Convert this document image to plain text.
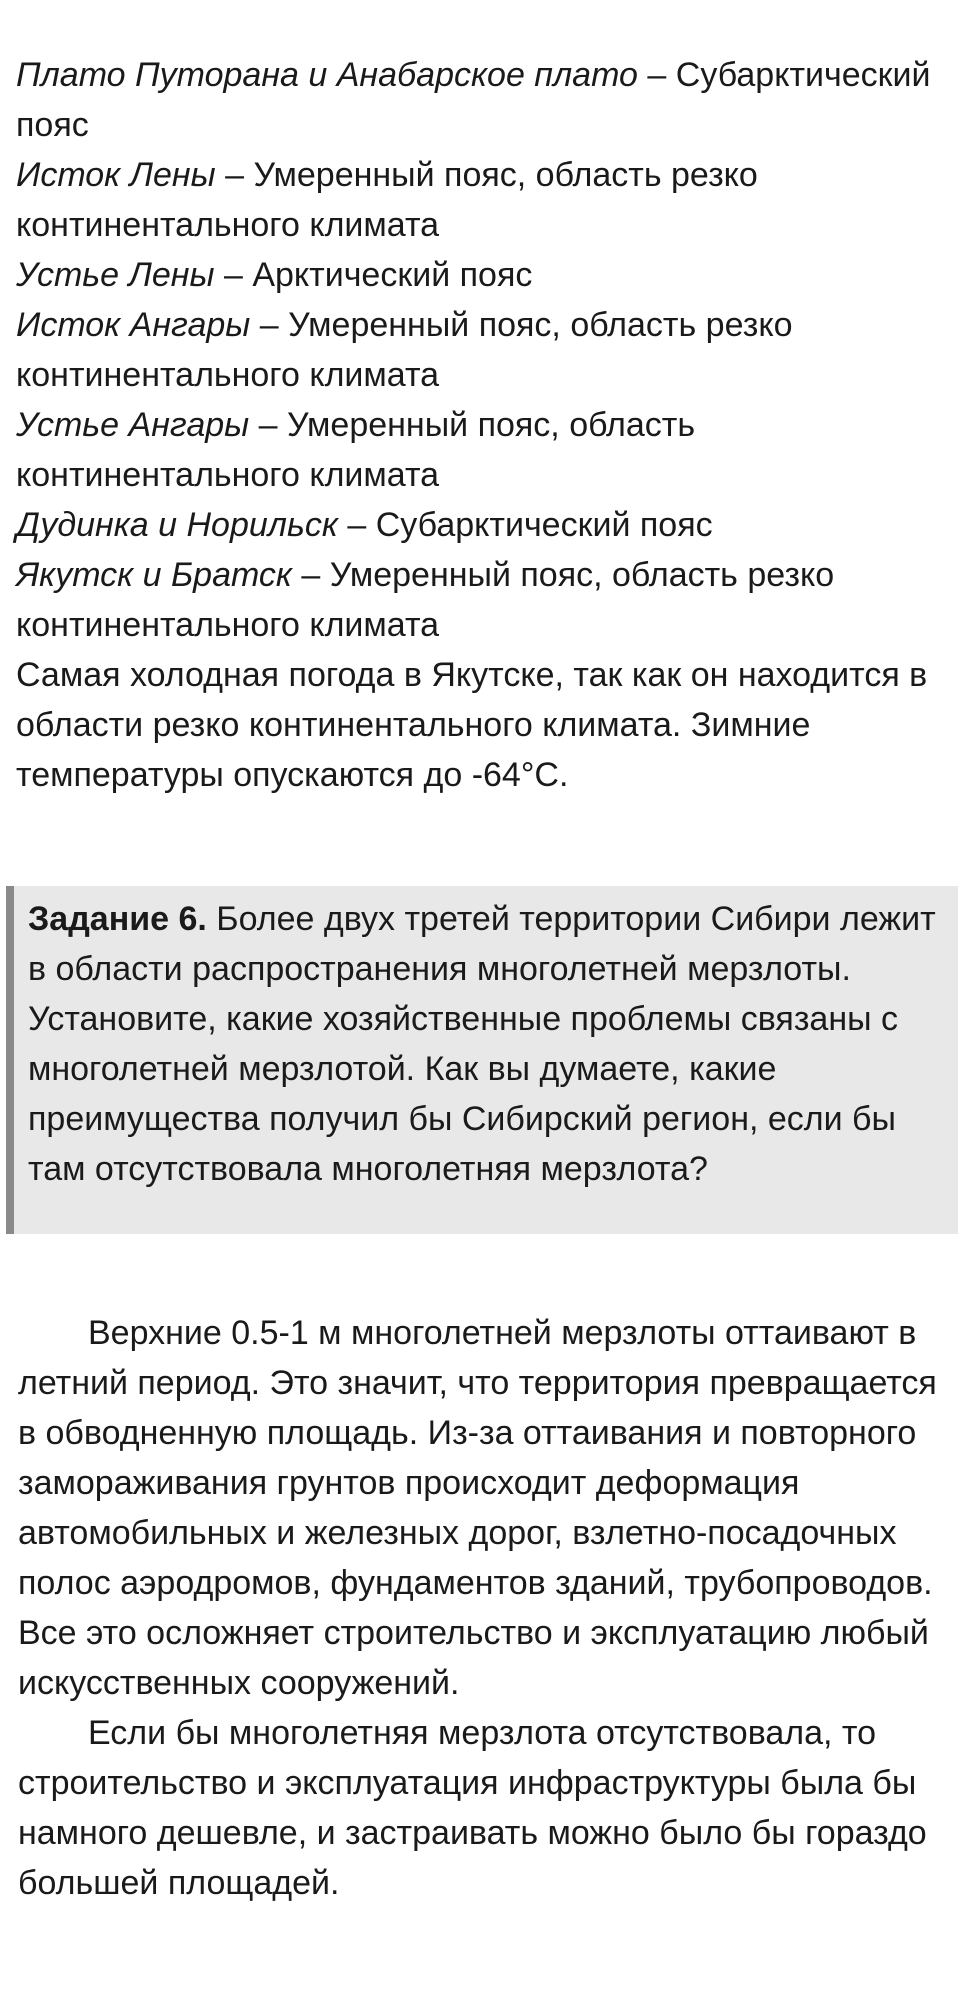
Плато Путорана и Анабарское плато – Субарктический пояс

Исток Лены – Умеренный пояс, область резко континентального климата

Устье Лены – Арктический пояс

Исток Ангары – Умеренный пояс, область резко континентального климата

Устье Ангары – Умеренный пояс, область континентального климата

Дудинка и Норильск – Субарктический пояс

Якутск и Братск – Умеренный пояс, область резко континентального климата

Самая холодная погода в Якутске, так как он находится в области резко континентального климата. Зимние температуры опускаются до -64°C.

Задание 6. Более двух третей территории Сибири лежит в области распространения многолетней мерзлоты. Установите, какие хозяйственные проблемы связаны с многолетней мерзлотой. Как вы думаете, какие преимущества получил бы Сибирский регион, если бы там отсутствовала многолетняя мерзлота?

Верхние 0.5-1 м многолетней мерзлоты оттаивают в летний период. Это значит, что территория превращается в обводненную площадь. Из-за оттаивания и повторного замораживания грунтов происходит деформация автомобильных и железных дорог, взлетно-посадочных полос аэродромов, фундаментов зданий, трубопроводов. Все это осложняет строительство и эксплуатацию любый искусственных сооружений.

Если бы многолетняя мерзлота отсутствовала, то строительство и эксплуатация инфраструктуры была бы намного дешевле, и застраивать можно было бы гораздо большей площадей.
